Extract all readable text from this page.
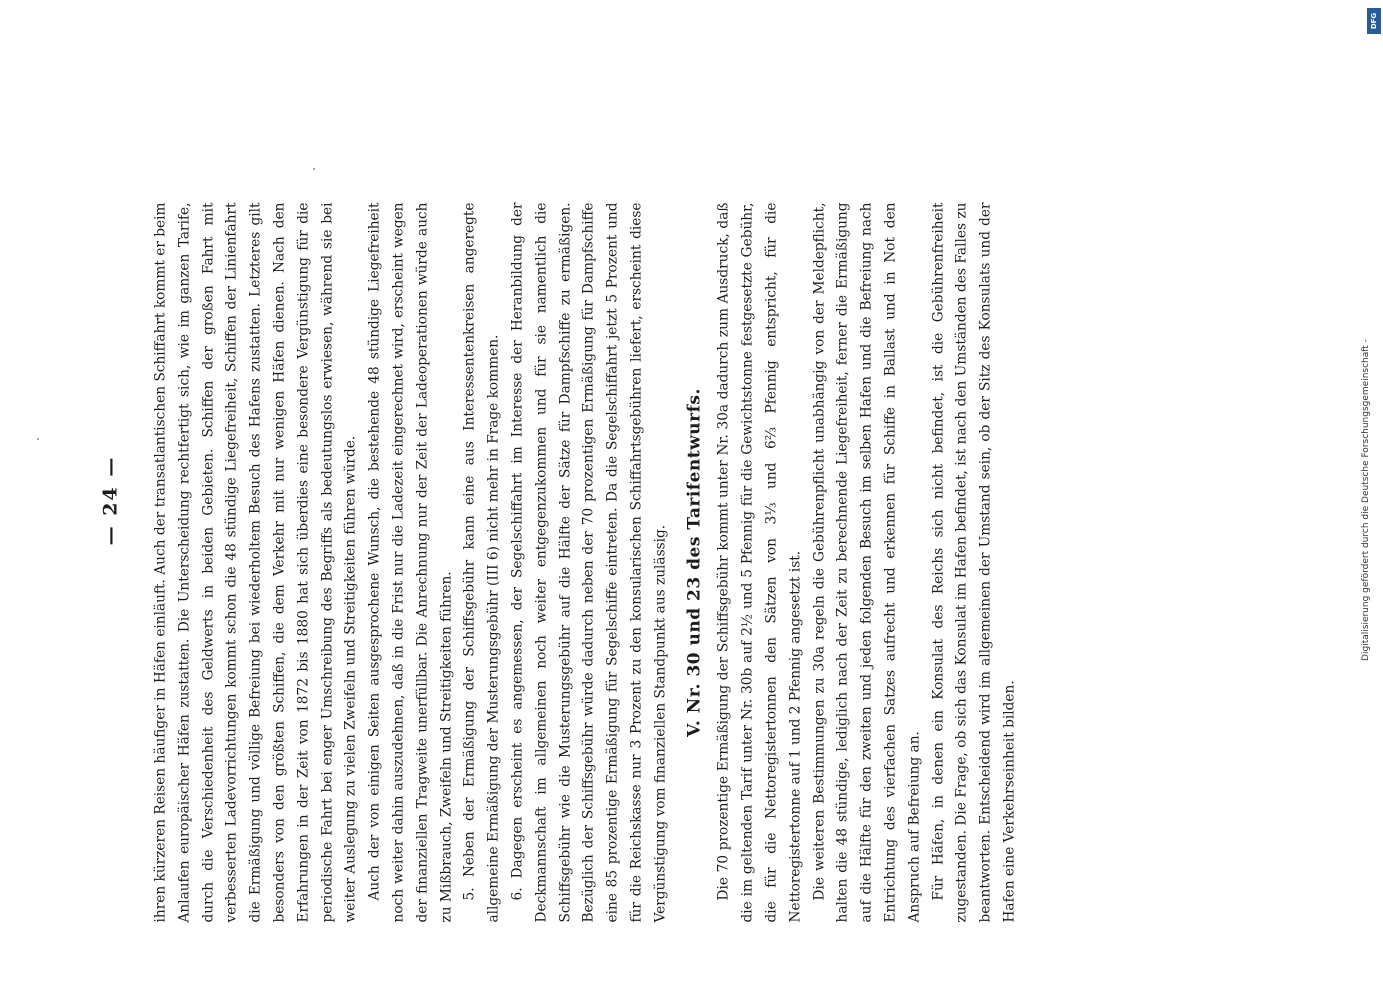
— 24 — ihren kürzeren Reisen häufiger in Häfen einläuft. Auch der transatlantischen Schiffahrt kommt er beim Anlaufen europäischer Häfen zustatten. Die Unterscheidung rechtfertigt sich, wie im ganzen Tarife, durch die Verschiedenheit des Geldwerts in beiden Gebieten. Schiffen der großen Fahrt mit verbesserten Ladevorrichtungen kommt schon die 48 stündige Liegefreiheit, Schiffen der Linienfahrt die Ermäßigung und völlige Befreiung bei wiederholtem Besuch des Hafens zustatten. Letzteres gilt besonders von den größten Schiffen, die dem Verkehr mit nur wenigen Häfen dienen. Nach den Erfahrungen in der Zeit von 1872 bis 1880 hat sich überdies eine besondere Vergünstigung für die periodische Fahrt bei enger Umschreibung des Begriffs als bedeutungslos erwiesen, während sie bei weiter Auslegung zu vielen Zweifeln und Streitigkeiten führen würde. Auch der von einigen Seiten ausgesprochene Wunsch, die bestehende 48 stündige Liegefreiheit noch weiter dahin auszudehnen, daß in die Frist nur die Ladezeit eingerechnet wird, erscheint wegen der finanziellen Tragweite unerfüllbar. Die Anrechnung nur der Zeit der Ladeoperationen würde auch zu Mißbrauch, Zweifeln und Streitigkeiten führen. 5. Neben der Ermäßigung der Schiffsgebühr kann eine aus Interessentenkreisen angeregte allgemeine Ermäßigung der Musterungsgebühr (III 6) nicht mehr in Frage kommen. 6. Dagegen erscheint es angemessen, der Segelschiffahrt im Interesse der Heranbildung der Deckmannschaft im allgemeinen noch weiter entgegenzukommen und für sie namentlich die Schiffsgebühr wie die Musterungsgebühr auf die Hälfte der Sätze für Dampfschiffe zu ermäßigen. Bezüglich der Schiffsgebühr würde dadurch neben der 70 prozentigen Ermäßigung für Dampfschiffe eine 85 prozentige Ermäßigung für Segelschiffe eintreten. Da die Segelschiffahrt jetzt 5 Prozent und für die Reichskasse nur 3 Prozent zu den konsularischen Schiffahrtsgebühren liefert, erscheint diese Vergünstigung vom finanziellen Standpunkt aus zulässig. V. Nr. 30 und 23 des Tarifentwurfs. Die 70 prozentige Ermäßigung der Schiffsgebühr kommt unter Nr. 30a dadurch zum Ausdruck, daß die im geltenden Tarif unter Nr. 30b auf 2½ und 5 Pfennig für die Gewichtstonne festgesetzte Gebühr, die für die Nettoregistertonnen den Sätzen von 3⅓ und 6⅔ Pfennig entspricht, für die Nettoregistertonne auf 1 und 2 Pfennig angesetzt ist. Die weiteren Bestimmungen zu 30a regeln die Gebührenpflicht unabhängig von der Meldepflicht, halten die 48 stündige, lediglich nach der Zeit zu berechnende Liegefreiheit, ferner die Ermäßigung auf die Hälfte für den zweiten und jeden folgenden Besuch im selben Hafen und die Befreiung nach Entrichtung des vierfachen Satzes aufrecht und erkennen für Schiffe in Ballast und in Not den Anspruch auf Befreiung an. Für Häfen, in denen ein Konsulat des Reichs sich nicht befindet, ist die Gebührenfreiheit zugestanden. Die Frage, ob sich das Konsulat im Hafen befindet, ist nach den Umständen des Falles zu beantworten. Entscheidend wird im allgemeinen der Umstand sein, ob der Sitz des Konsulats und der Hafen eine Verkehrseinheit bilden.

Digitalisierung gefördert durch die Deutsche Forschungsgemeinschaft -
DFG
